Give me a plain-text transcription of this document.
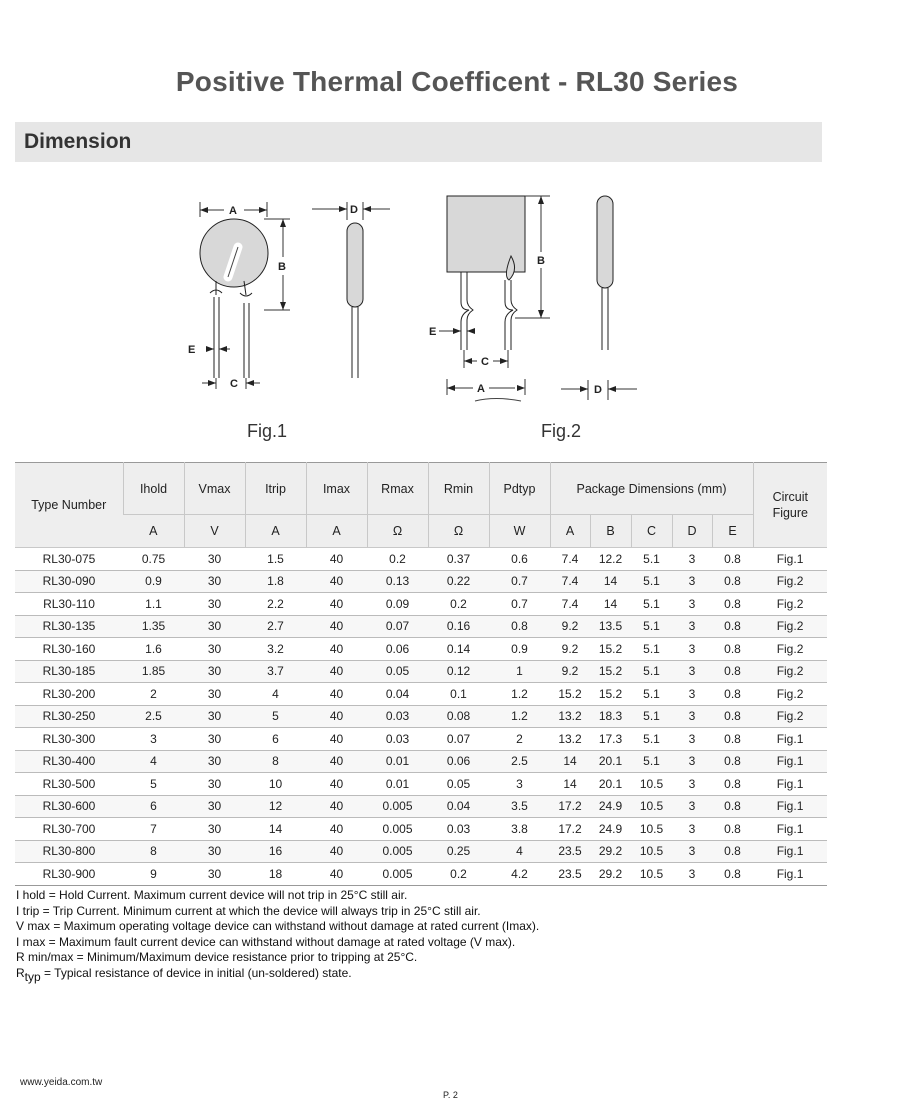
Positive Thermal Coefficent - RL30 Series
Dimension
A
B
C
D
E
A
B
C
D
E
Fig.1	Fig.2
Type Number	Ihold	Vmax	Itrip	Imax	Rmax	Rmin	Pdtyp	Package Dimensions (mm)					Circuit Figure
	A	V	A	A	Ω	Ω	W	A	B	C	D	E	
RL30-075	0.75	30	1.5	40	0.2	0.37	0.6	7.4	12.2	5.1	3	0.8	Fig.1
RL30-090	0.9	30	1.8	40	0.13	0.22	0.7	7.4	14	5.1	3	0.8	Fig.2
RL30-110	1.1	30	2.2	40	0.09	0.2	0.7	7.4	14	5.1	3	0.8	Fig.2
RL30-135	1.35	30	2.7	40	0.07	0.16	0.8	9.2	13.5	5.1	3	0.8	Fig.2
RL30-160	1.6	30	3.2	40	0.06	0.14	0.9	9.2	15.2	5.1	3	0.8	Fig.2
RL30-185	1.85	30	3.7	40	0.05	0.12	1	9.2	15.2	5.1	3	0.8	Fig.2
RL30-200	2	30	4	40	0.04	0.1	1.2	15.2	15.2	5.1	3	0.8	Fig.2
RL30-250	2.5	30	5	40	0.03	0.08	1.2	13.2	18.3	5.1	3	0.8	Fig.2
RL30-300	3	30	6	40	0.03	0.07	2	13.2	17.3	5.1	3	0.8	Fig.1
RL30-400	4	30	8	40	0.01	0.06	2.5	14	20.1	5.1	3	0.8	Fig.1
RL30-500	5	30	10	40	0.01	0.05	3	14	20.1	10.5	3	0.8	Fig.1
RL30-600	6	30	12	40	0.005	0.04	3.5	17.2	24.9	10.5	3	0.8	Fig.1
RL30-700	7	30	14	40	0.005	0.03	3.8	17.2	24.9	10.5	3	0.8	Fig.1
RL30-800	8	30	16	40	0.005	0.25	4	23.5	29.2	10.5	3	0.8	Fig.1
RL30-900	9	30	18	40	0.005	0.2	4.2	23.5	29.2	10.5	3	0.8	Fig.1
I hold = Hold Current. Maximum current device will not trip in 25°C still air.
I trip = Trip Current. Minimum current at which the device will always trip in 25°C still air.
V max = Maximum operating voltage device can withstand without damage at rated current (Imax).
I max = Maximum fault current device can withstand without damage at rated voltage (V max).
R min/max = Minimum/Maximum device resistance prior to tripping at 25°C.
$R_{typ}$ = Typical resistance of device in initial (un-soldered) state.
www.yeida.com.tw
P. 2
